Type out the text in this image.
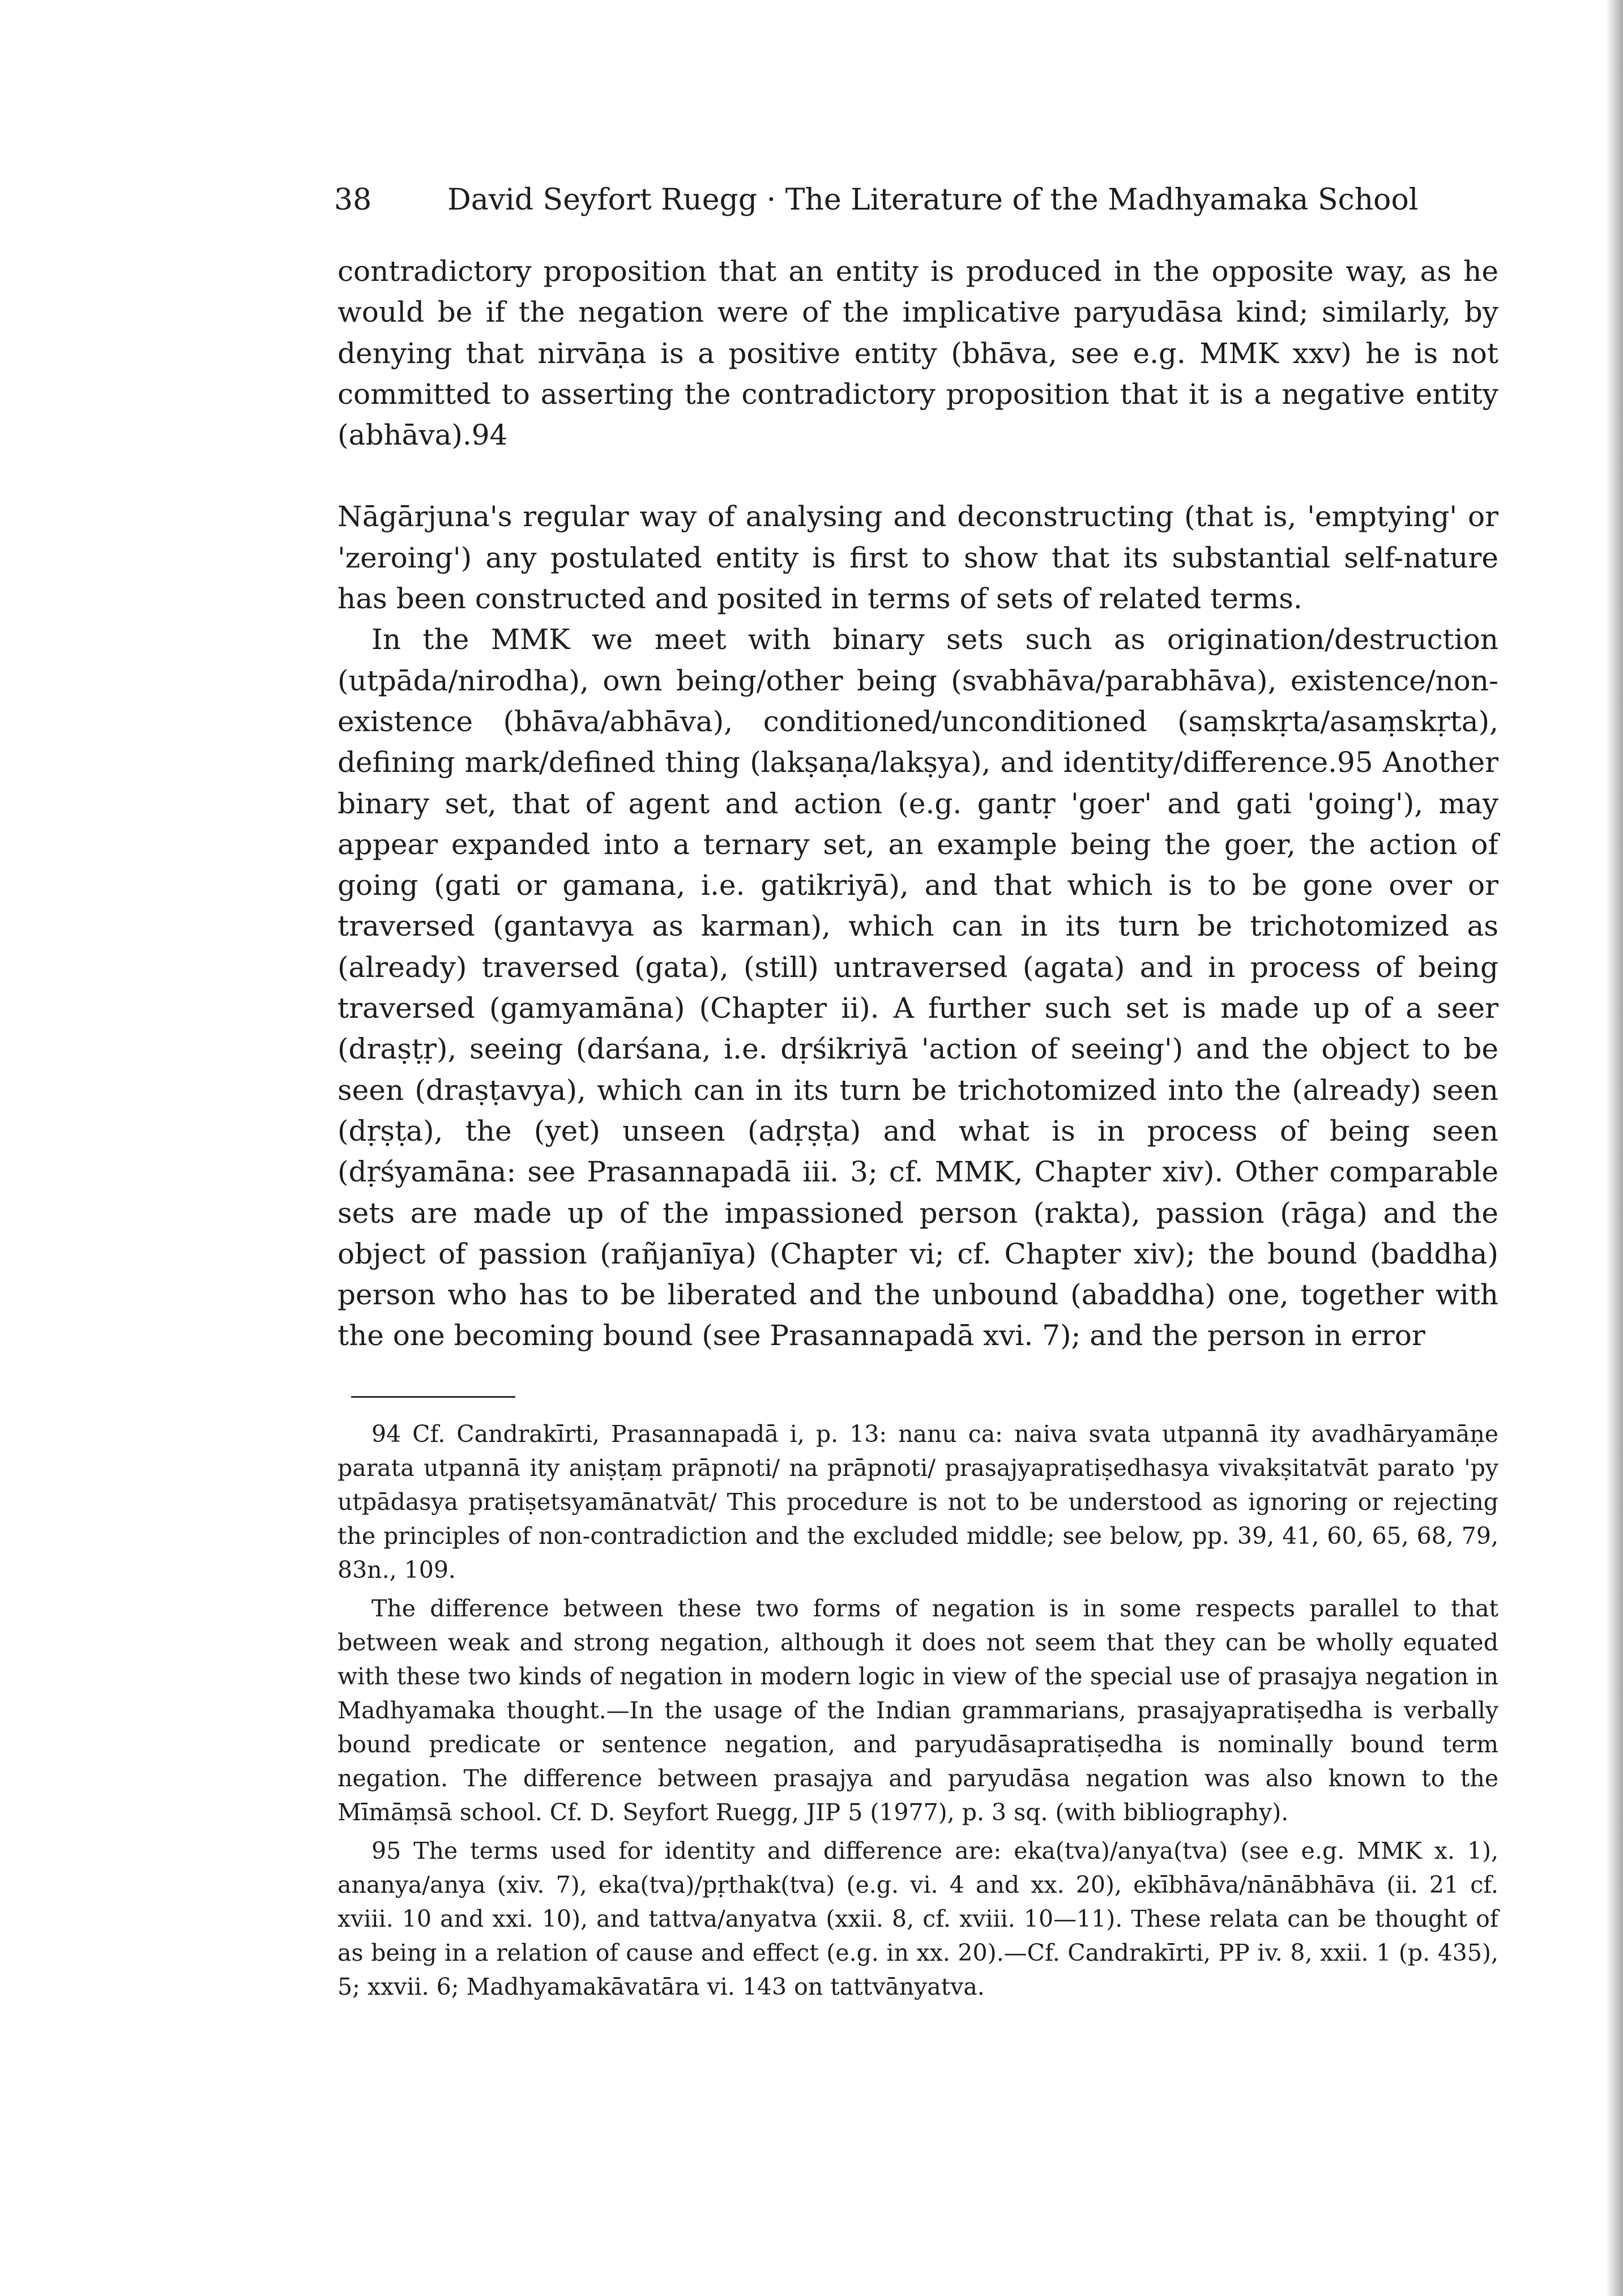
38	David Seyfort Ruegg · The Literature of the Madhyamaka School

contradictory proposition that an entity is produced in the opposite way, as he would be if the negation were of the implicative paryudāsa kind; similarly, by denying that nirvāṇa is a positive entity (bhāva, see e.g. MMK xxv) he is not committed to asserting the contradictory proposition that it is a negative entity (abhāva).94

Nāgārjuna's regular way of analysing and deconstructing (that is, 'emptying' or 'zeroing') any postulated entity is first to show that its substantial self-nature has been constructed and posited in terms of sets of related terms.

In the MMK we meet with binary sets such as origination/destruction (utpāda/nirodha), own being/other being (svabhāva/parabhāva), existence/non-existence (bhāva/abhāva), conditioned/unconditioned (saṃskṛta/asaṃskṛta), defining mark/defined thing (lakṣaṇa/lakṣya), and identity/difference.95 Another binary set, that of agent and action (e.g. gantṛ 'goer' and gati 'going'), may appear expanded into a ternary set, an example being the goer, the action of going (gati or gamana, i.e. gatikriyā), and that which is to be gone over or traversed (gantavya as karman), which can in its turn be trichotomized as (already) traversed (gata), (still) untraversed (agata) and in process of being traversed (gamyamāna) (Chapter ii). A further such set is made up of a seer (draṣṭṛ), seeing (darśana, i.e. dṛśikriyā 'action of seeing') and the object to be seen (draṣṭavya), which can in its turn be trichotomized into the (already) seen (dṛṣṭa), the (yet) unseen (adṛṣṭa) and what is in process of being seen (dṛśyamāna: see Prasannapadā iii. 3; cf. MMK, Chapter xiv). Other comparable sets are made up of the impassioned person (rakta), passion (rāga) and the object of passion (rañjanīya) (Chapter vi; cf. Chapter xiv); the bound (baddha) person who has to be liberated and the unbound (abaddha) one, together with the one becoming bound (see Prasannapadā xvi. 7); and the person in error

94 Cf. Candrakīrti, Prasannapadā i, p. 13: nanu ca: naiva svata utpannā ity avadhāryamāṇe parata utpannā ity aniṣṭaṃ prāpnoti/ na prāpnoti/ prasajyapratiṣedhasya vivakṣitatvāt parato 'py utpādasya pratiṣetsyamānatvāt/ This procedure is not to be understood as ignoring or rejecting the principles of non-contradiction and the excluded middle; see below, pp. 39, 41, 60, 65, 68, 79, 83n., 109.

The difference between these two forms of negation is in some respects parallel to that between weak and strong negation, although it does not seem that they can be wholly equated with these two kinds of negation in modern logic in view of the special use of prasajya negation in Madhyamaka thought.—In the usage of the Indian grammarians, prasajyapratiṣedha is verbally bound predicate or sentence negation, and paryudāsapratiṣedha is nominally bound term negation. The difference between prasajya and paryudāsa negation was also known to the Mīmāṃsā school. Cf. D. Seyfort Ruegg, JIP 5 (1977), p. 3 sq. (with bibliography).

95 The terms used for identity and difference are: eka(tva)/anya(tva) (see e.g. MMK x. 1), ananya/anya (xiv. 7), eka(tva)/pṛthak(tva) (e.g. vi. 4 and xx. 20), ekībhāva/nānābhāva (ii. 21 cf. xviii. 10 and xxi. 10), and tattva/anyatva (xxii. 8, cf. xviii. 10—11). These relata can be thought of as being in a relation of cause and effect (e.g. in xx. 20).—Cf. Candrakīrti, PP iv. 8, xxii. 1 (p. 435), 5; xxvii. 6; Madhyamakāvatāra vi. 143 on tattvānyatva.
